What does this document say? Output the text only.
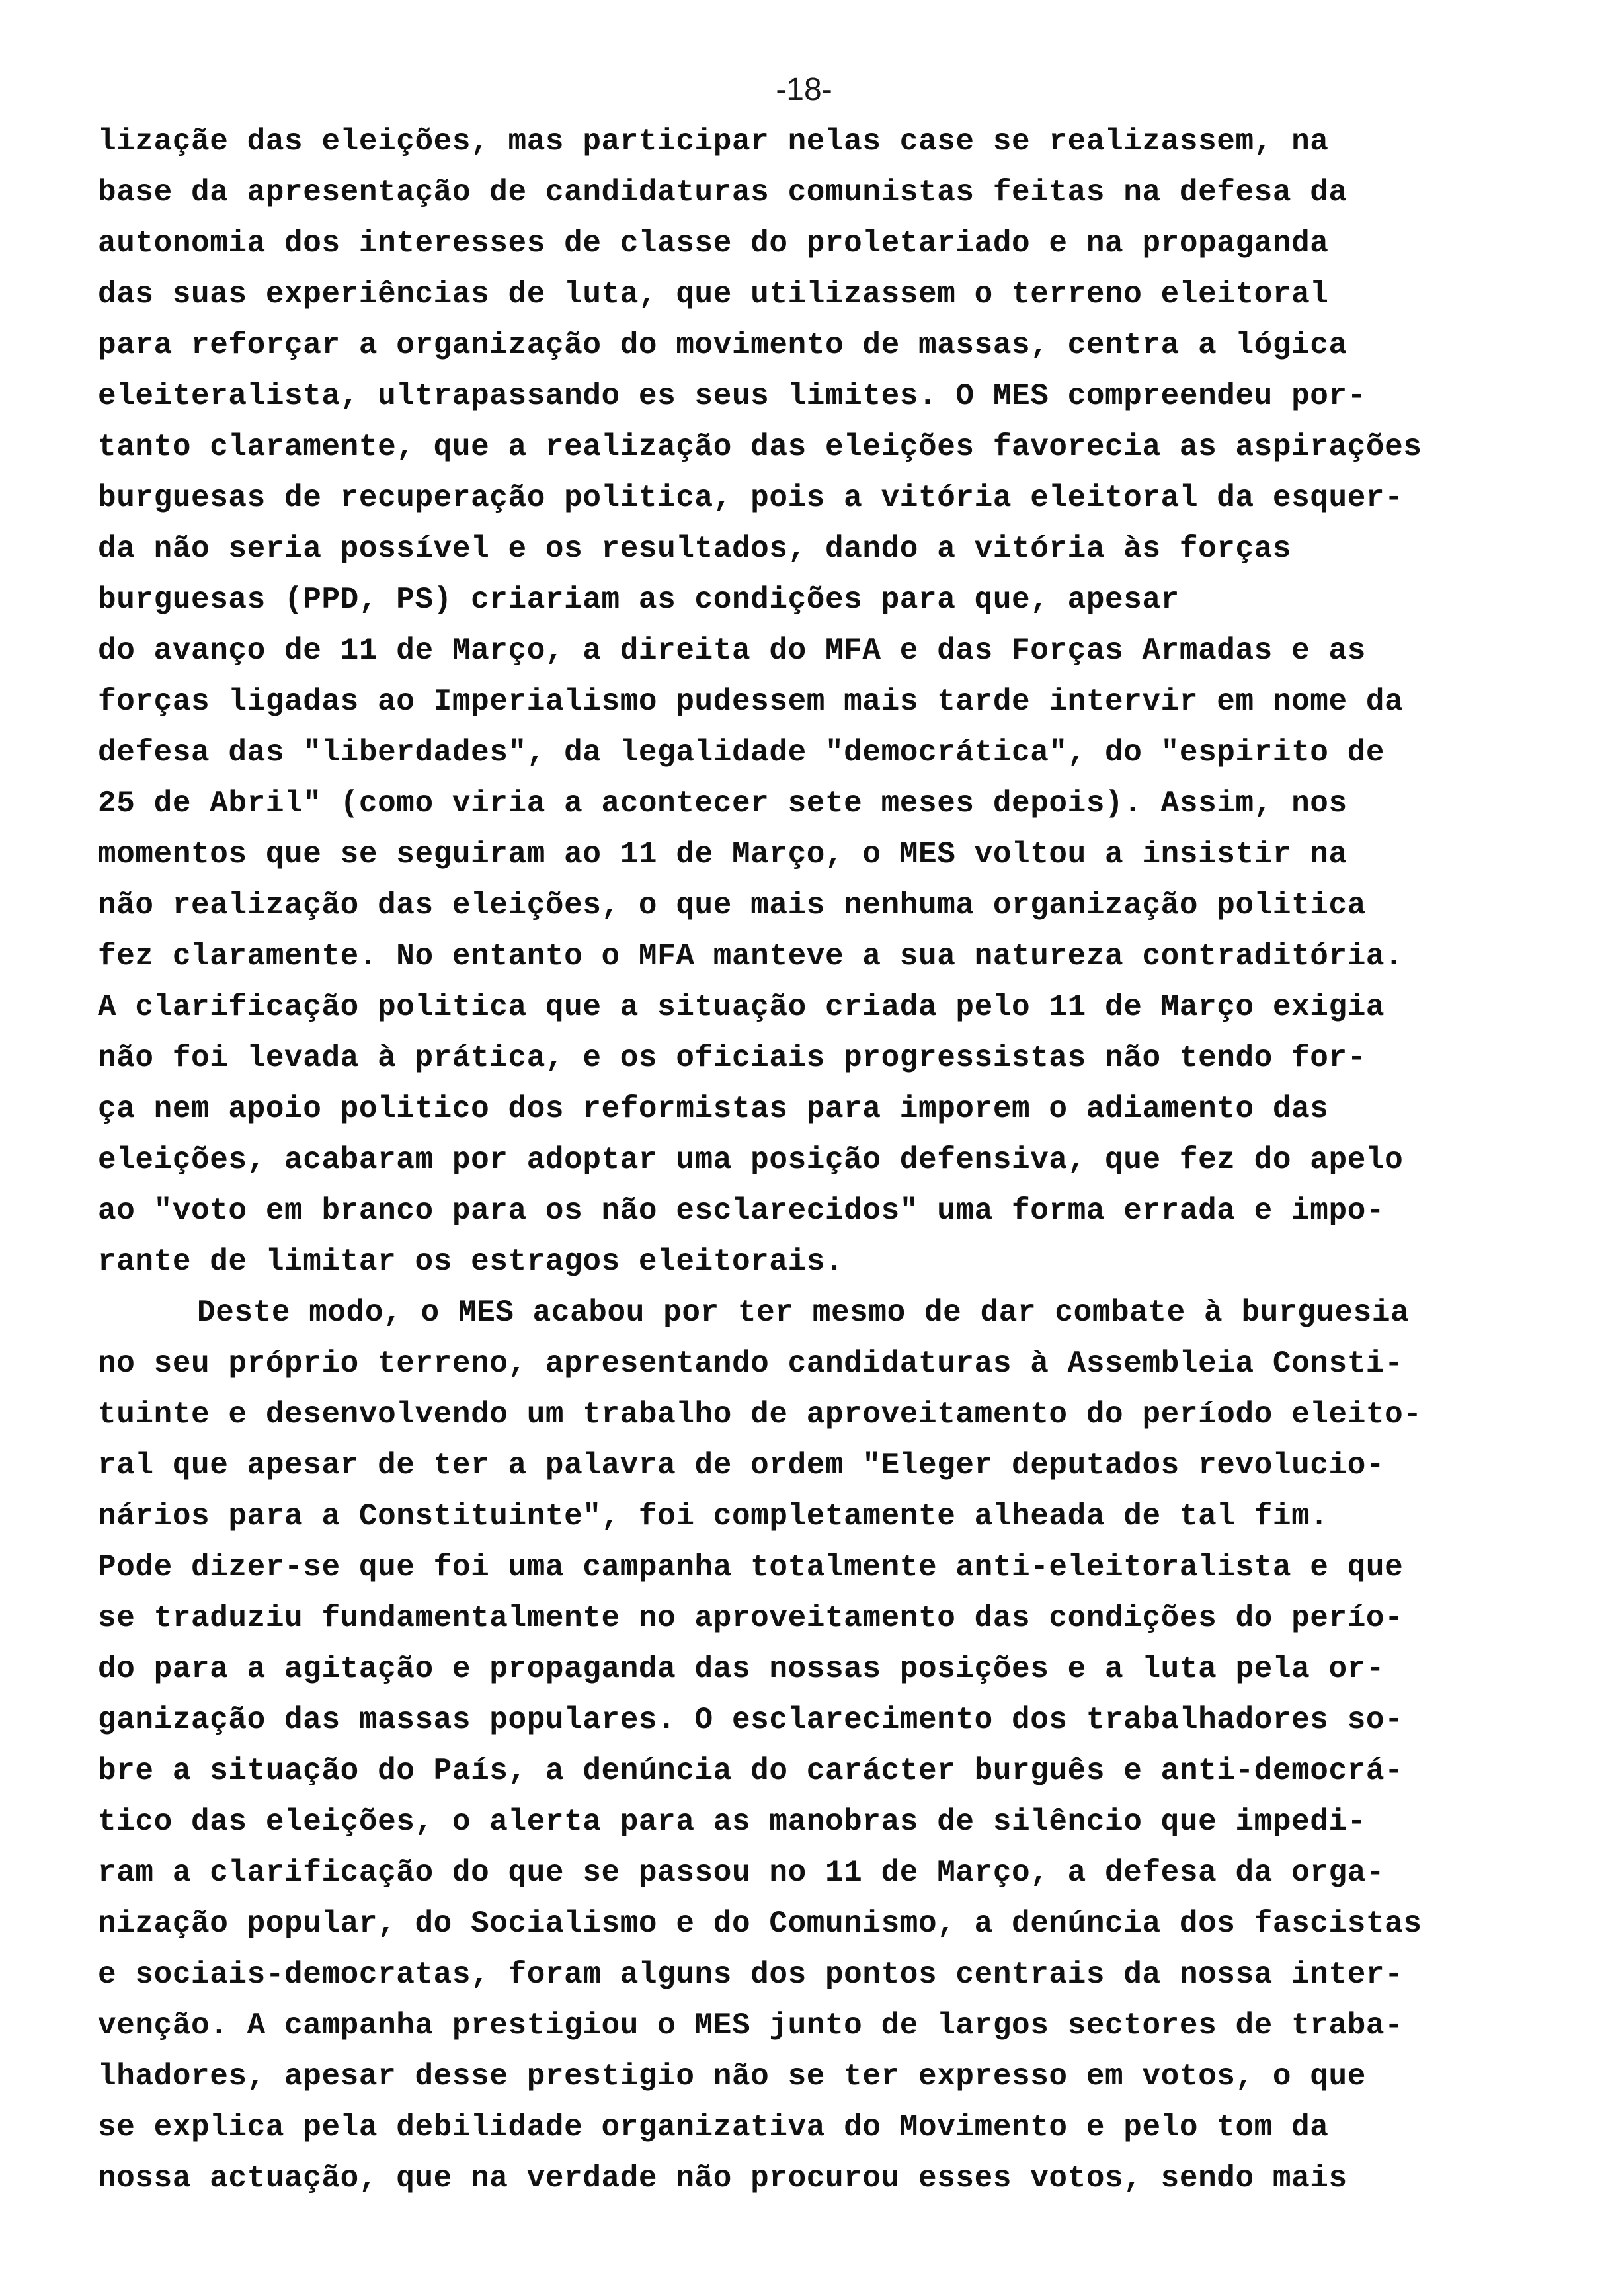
-18-
lizaçãe das eleições, mas participar nelas case se realizassem, na
base da apresentação de candidaturas comunistas feitas na defesa da
autonomia dos interesses de classe do proletariado e na propaganda
das suas experiências de luta, que utilizassem o terreno eleitoral
para reforçar a organização do movimento de massas, centra a lógica
eleiteralista, ultrapassando es seus limites. O MES compreendeu por-
tanto claramente, que a realização das eleições favorecia as aspirações
burguesas de recuperação politica, pois a vitória eleitoral da esquer-
da não seria possível e os resultados, dando a vitória às forças
burguesas (PPD, PS) criariam as condições para que, apesar
do avanço de 11 de Março, a direita do MFA e das Forças Armadas e as
forças ligadas ao Imperialismo pudessem mais tarde intervir em nome da
defesa das "liberdades", da legalidade "democrática", do "espirito de
25 de Abril" (como viria a acontecer sete meses depois). Assim, nos
momentos que se seguiram ao 11 de Março, o MES voltou a insistir na
não realização das eleições, o que mais nenhuma organização politica
fez claramente. No entanto o MFA manteve a sua natureza contraditória.
A clarificação politica que a situação criada pelo 11 de Março exigia
não foi levada à prática, e os oficiais progressistas não tendo for-
ça nem apoio politico dos reformistas para imporem o adiamento das
eleições, acabaram por adoptar uma posição defensiva, que fez do apelo
ao "voto em branco para os não esclarecidos" uma forma errada e impo-
rante de limitar os estragos eleitorais.
Deste modo, o MES acabou por ter mesmo de dar combate à burguesia
no seu próprio terreno, apresentando candidaturas à Assembleia Consti-
tuinte e desenvolvendo um trabalho de aproveitamento do período eleito-
ral que apesar de ter a palavra de ordem "Eleger deputados revolucio-
nários para a Constituinte", foi completamente alheada de tal fim.
Pode dizer-se que foi uma campanha totalmente anti-eleitoralista e que
se traduziu fundamentalmente no aproveitamento das condições do perío-
do para a agitação e propaganda das nossas posições e a luta pela or-
ganização das massas populares. O esclarecimento dos trabalhadores so-
bre a situação do País, a denúncia do carácter burguês e anti-democrá-
tico das eleições, o alerta para as manobras de silêncio que impedi-
ram a clarificação do que se passou no 11 de Março, a defesa da orga-
nização popular, do Socialismo e do Comunismo, a denúncia dos fascistas
e sociais-democratas, foram alguns dos pontos centrais da nossa inter-
venção. A campanha prestigiou o MES junto de largos sectores de traba-
lhadores, apesar desse prestigio não se ter expresso em votos, o que
se explica pela debilidade organizativa do Movimento e pelo tom da
nossa actuação, que na verdade não procurou esses votos, sendo mais
